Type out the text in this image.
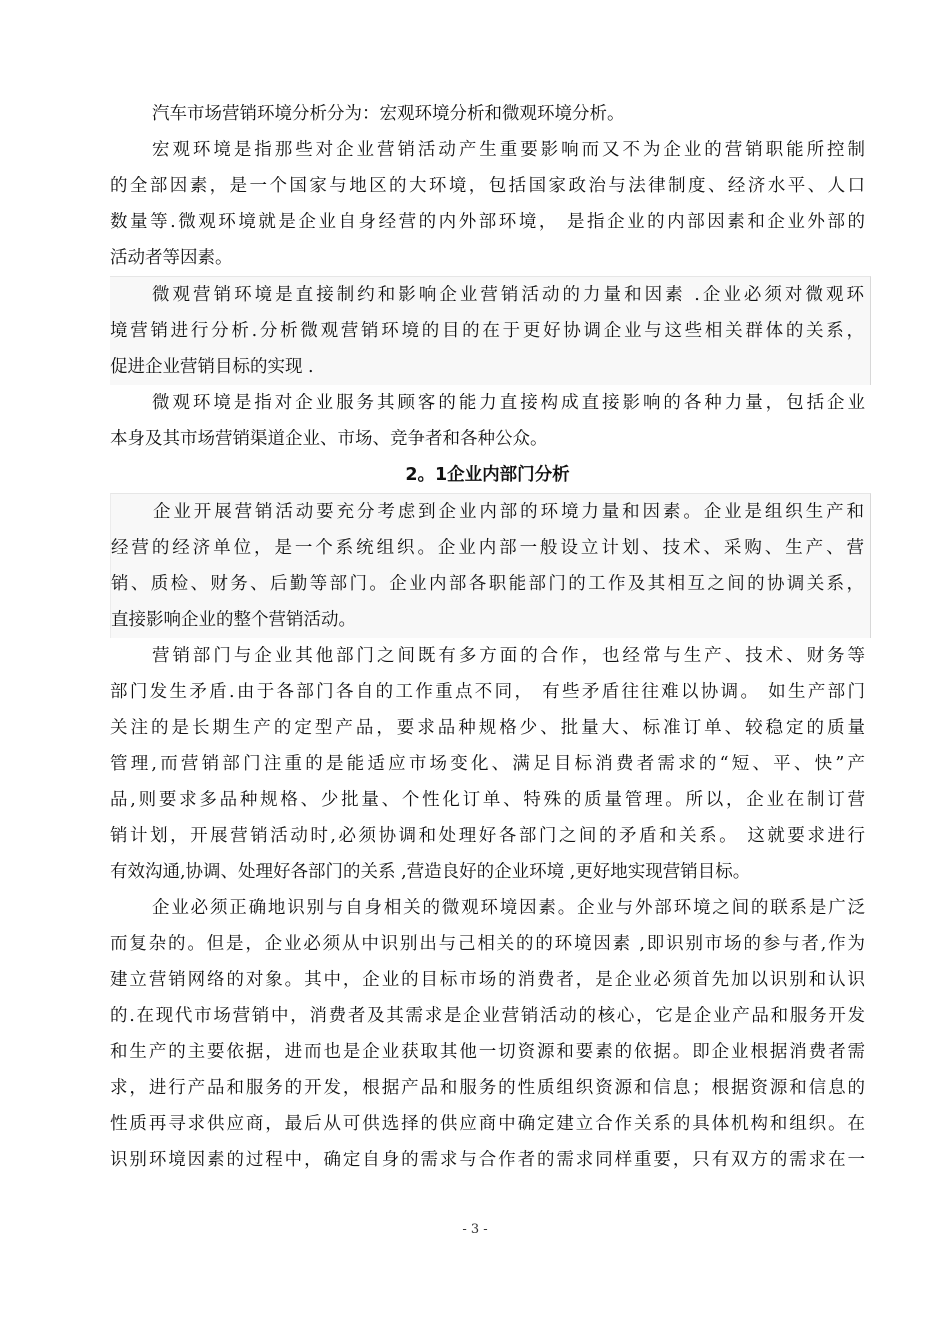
汽车市场营销环境分析分为：宏观环境分析和微观环境分析。
宏观环境是指那些对企业营销活动产生重要影响而又不为企业的营销职能所控制
的全部因素，是一个国家与地区的大环境，包括国家政治与法律制度、经济水平、人口
数量等.微观环境就是企业自身经营的内外部环境， 是指企业的内部因素和企业外部的
活动者等因素。
微观营销环境是直接制约和影响企业营销活动的力量和因素 .企业必须对微观环
境营销进行分析.分析微观营销环境的目的在于更好协调企业与这些相关群体的关系，
促进企业营销目标的实现 .
微观环境是指对企业服务其顾客的能力直接构成直接影响的各种力量，包括企业
本身及其市场营销渠道企业、市场、竞争者和各种公众。
2。1企业内部门分析
企业开展营销活动要充分考虑到企业内部的环境力量和因素。企业是组织生产和
经营的经济单位，是一个系统组织。企业内部一般设立计划、技术、采购、生产、营
销、质检、财务、后勤等部门。企业内部各职能部门的工作及其相互之间的协调关系，
直接影响企业的整个营销活动。
营销部门与企业其他部门之间既有多方面的合作，也经常与生产、技术、财务等
部门发生矛盾.由于各部门各自的工作重点不同， 有些矛盾往往难以协调。 如生产部门
关注的是长期生产的定型产品，要求品种规格少、批量大、标准订单、较稳定的质量
管理,而营销部门注重的是能适应市场变化、满足目标消费者需求的“短、平、快”产
品,则要求多品种规格、少批量、个性化订单、特殊的质量管理。所以，企业在制订营
销计划，开展营销活动时,必须协调和处理好各部门之间的矛盾和关系。 这就要求进行
有效沟通,协调、处理好各部门的关系 ,营造良好的企业环境 ,更好地实现营销目标。
企业必须正确地识别与自身相关的微观环境因素。企业与外部环境之间的联系是广泛
而复杂的。但是，企业必须从中识别出与己相关的的环境因素 ,即识别市场的参与者,作为
建立营销网络的对象。其中，企业的目标市场的消费者，是企业必须首先加以识别和认识
的.在现代市场营销中，消费者及其需求是企业营销活动的核心，它是企业产品和服务开发
和生产的主要依据，进而也是企业获取其他一切资源和要素的依据。即企业根据消费者需
求，进行产品和服务的开发，根据产品和服务的性质组织资源和信息；根据资源和信息的
性质再寻求供应商，最后从可供选择的供应商中确定建立合作关系的具体机构和组织。在
识别环境因素的过程中，确定自身的需求与合作者的需求同样重要，只有双方的需求在一
- 3 -
